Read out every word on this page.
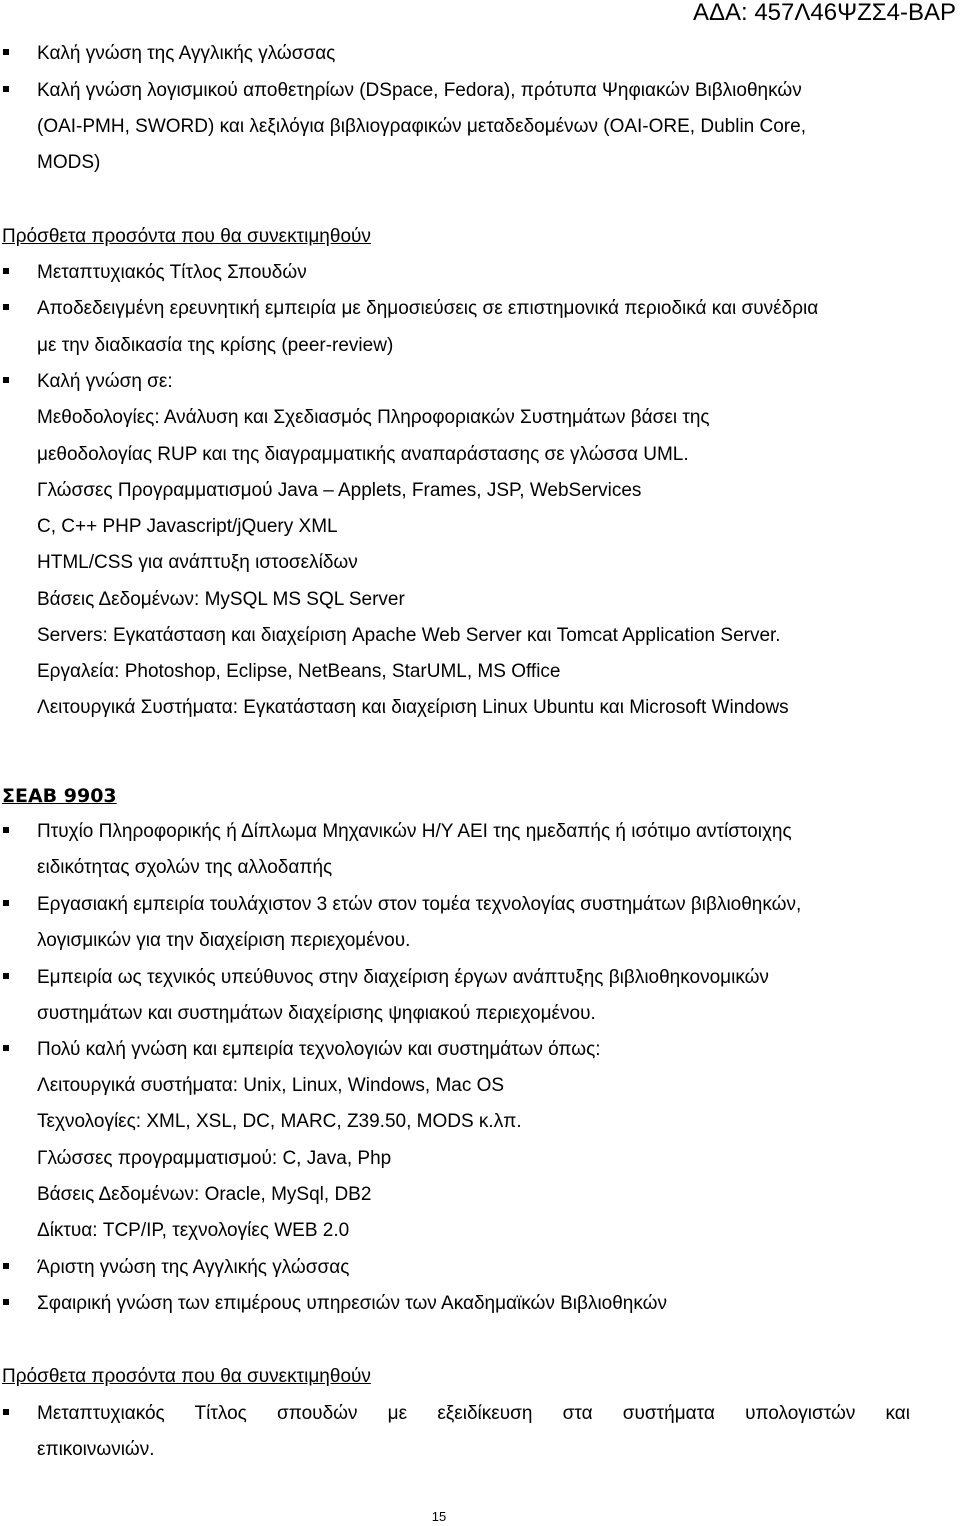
ΑΔΑ: 457Λ46ΨΖΣ4-ΒΑΡ
Καλή γνώση της Αγγλικής γλώσσας
Καλή γνώση λογισμικού αποθετηρίων (DSpace, Fedora), πρότυπα Ψηφιακών Βιβλιοθηκών
(OAI-PMH, SWORD) και λεξιλόγια βιβλιογραφικών μεταδεδομένων (OAI-ORE, Dublin Core,
MODS)
Πρόσθετα προσόντα που θα συνεκτιμηθούν
Μεταπτυχιακός Τίτλος Σπουδών
Αποδεδειγμένη ερευνητική εμπειρία με δημοσιεύσεις σε επιστημονικά περιοδικά και συνέδρια
με την διαδικασία της κρίσης (peer-review)
Καλή γνώση σε:
Μεθοδολογίες: Ανάλυση και Σχεδιασμός Πληροφοριακών Συστημάτων βάσει της
μεθοδολογίας RUP και της διαγραμματικής αναπαράστασης σε γλώσσα UML.
Γλώσσες Προγραμματισμού Java – Applets, Frames, JSP, WebServices
C, C++ PHP Javascript/jQuery XML
HTML/CSS για ανάπτυξη ιστοσελίδων
Βάσεις Δεδομένων: MySQL MS SQL Server
Servers: Εγκατάσταση και διαχείριση Apache Web Server και Tomcat Application Server.
Εργαλεία: Photoshop, Eclipse, NetBeans, StarUML, MS Office
Λειτουργικά Συστήματα: Εγκατάσταση και διαχείριση Linux Ubuntu και Microsoft Windows
ΣΕΑΒ 9903
Πτυχίο Πληροφορικής ή Δίπλωμα Μηχανικών Η/Υ ΑΕΙ της ημεδαπής ή ισότιμο αντίστοιχης
ειδικότητας σχολών της αλλοδαπής
Εργασιακή εμπειρία τουλάχιστον 3 ετών στον τομέα τεχνολογίας συστημάτων βιβλιοθηκών,
λογισμικών για την διαχείριση περιεχομένου.
Εμπειρία ως τεχνικός υπεύθυνος στην διαχείριση έργων ανάπτυξης βιβλιοθηκονομικών
συστημάτων και συστημάτων διαχείρισης ψηφιακού περιεχομένου.
Πολύ καλή γνώση και εμπειρία τεχνολογιών και συστημάτων όπως:
Λειτουργικά συστήματα: Unix, Linux, Windows, Mac OS
Τεχνολογίες: XML, XSL, DC, MARC, Z39.50, MODS κ.λπ.
Γλώσσες προγραμματισμού: C, Java, Php
Βάσεις Δεδομένων: Oracle, MySql, DB2
Δίκτυα: TCP/IP, τεχνολογίες WEB 2.0
Άριστη γνώση της Αγγλικής γλώσσας
Σφαιρική γνώση των επιμέρους υπηρεσιών των Ακαδημαϊκών Βιβλιοθηκών
Πρόσθετα προσόντα που θα συνεκτιμηθούν
Μεταπτυχιακός Τίτλος σπουδών με εξειδίκευση στα συστήματα υπολογιστών και
επικοινωνιών.
15
